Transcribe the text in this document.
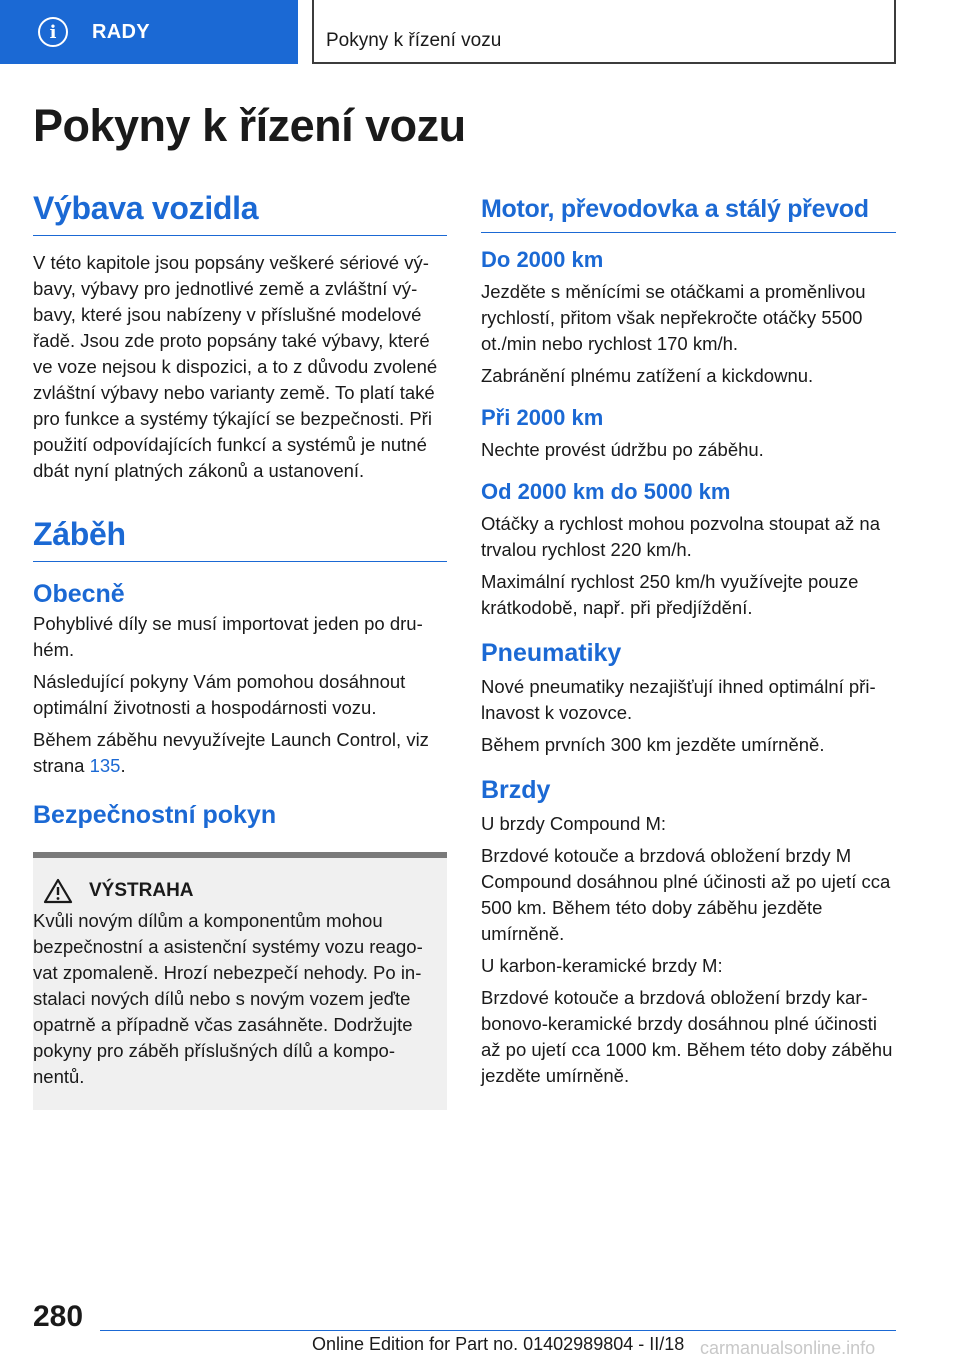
i	RADY	Pokyny k řízení vozu
Pokyny k řízení vozu
Výbava vozidla

V této kapitole jsou popsány veškeré sériové výbavy, výbavy pro jednotlivé země a zvláštní výbavy, které jsou nabízeny v příslušné modelové řadě. Jsou zde proto popsány také výbavy, které ve voze nejsou k dispozici, a to z důvodu zvolené zvláštní výbavy nebo varianty země. To platí také pro funkce a systémy týkající se bezpečnosti. Při použití odpovídajících funkcí a systémů je nutné dbát nyní platných zákonů a ustanovení.

Záběh
Obecně

Pohyblivé díly se musí importovat jeden po druhém.

Následující pokyny Vám pomohou dosáhnout optimální životnosti a hospodárnosti vozu.

Během záběhu nevyužívejte Launch Control, viz strana 135.

Bezpečnostní pokyn
VÝSTRAHA

Kvůli novým dílům a komponentům mohou bezpečnostní a asistenční systémy vozu reagovat zpomaleně. Hrozí nebezpečí nehody. Po instalaci nových dílů nebo s novým vozem jeďte opatrně a případně včas zasáhněte. Dodržujte pokyny pro záběh příslušných dílů a komponentů.

Motor, převodovka a stálý převod
Do 2000 km

Jezděte s měnícími se otáčkami a proměnlivou rychlostí, přitom však nepřekročte otáčky 5500 ot./min nebo rychlost 170 km/h.

Zabránění plnému zatížení a kickdownu.

Při 2000 km

Nechte provést údržbu po záběhu.

Od 2000 km do 5000 km

Otáčky a rychlost mohou pozvolna stoupat až na trvalou rychlost 220 km/h.

Maximální rychlost 250 km/h využívejte pouze krátkodobě, např. při předjíždění.

Pneumatiky

Nové pneumatiky nezajišťují ihned optimální přilnavost k vozovce.

Během prvních 300 km jezděte umírněně.

Brzdy

U brzdy Compound M:

Brzdové kotouče a brzdová obložení brzdy M Compound dosáhnou plné účinosti až po ujetí cca 500 km. Během této doby záběhu jezděte umírněně.

U karbon-keramické brzdy M:

Brzdové kotouče a brzdová obložení brzdy karbonovo-keramické brzdy dosáhnou plné účinosti až po ujetí cca 1000 km. Během této doby záběhu jezděte umírněně.

280
Online Edition for Part no. 01402989804 - II/18 carmanualsonline.info
